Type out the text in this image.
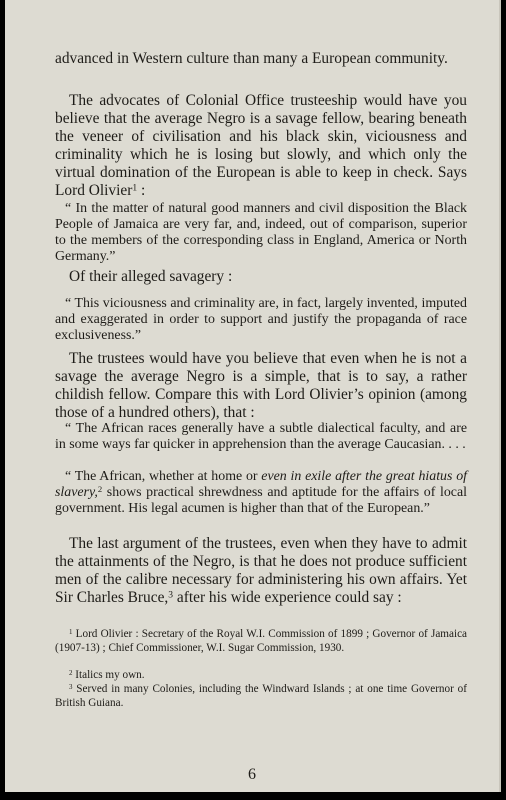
advanced in Western culture than many a European community.
The advocates of Colonial Office trusteeship would have you believe that the average Negro is a savage fellow, bearing beneath the veneer of civilisation and his black skin, viciousness and criminality which he is losing but slowly, and which only the virtual domination of the European is able to keep in check. Says Lord Olivier$^1$ :
“ In the matter of natural good manners and civil disposition the Black People of Jamaica are very far, and, indeed, out of comparison, superior to the members of the corresponding class in England, America or North Germany.”
Of their alleged savagery :
“ This viciousness and criminality are, in fact, largely invented, imputed and exaggerated in order to support and justify the propaganda of race exclusiveness.”
The trustees would have you believe that even when he is not a savage the average Negro is a simple, that is to say, a rather childish fellow. Compare this with Lord Olivier’s opinion (among those of a hundred others), that :
“ The African races generally have a subtle dialectical faculty, and are in some ways far quicker in apprehension than the average Caucasian. . . .
“ The African, whether at home or even in exile after the great hiatus of slavery,$^2$ shows practical shrewdness and aptitude for the affairs of local government. His legal acumen is higher than that of the European.”
The last argument of the trustees, even when they have to admit the attainments of the Negro, is that he does not produce sufficient men of the calibre necessary for administering his own affairs. Yet Sir Charles Bruce,$^3$ after his wide experience could say :
$^1$ Lord Olivier : Secretary of the Royal W.I. Commission of 1899 ; Governor of Jamaica (1907-13) ; Chief Commissioner, W.I. Sugar Commission, 1930.
$^2$ Italics my own.
$^3$ Served in many Colonies, including the Windward Islands ; at one time Governor of British Guiana.
6
